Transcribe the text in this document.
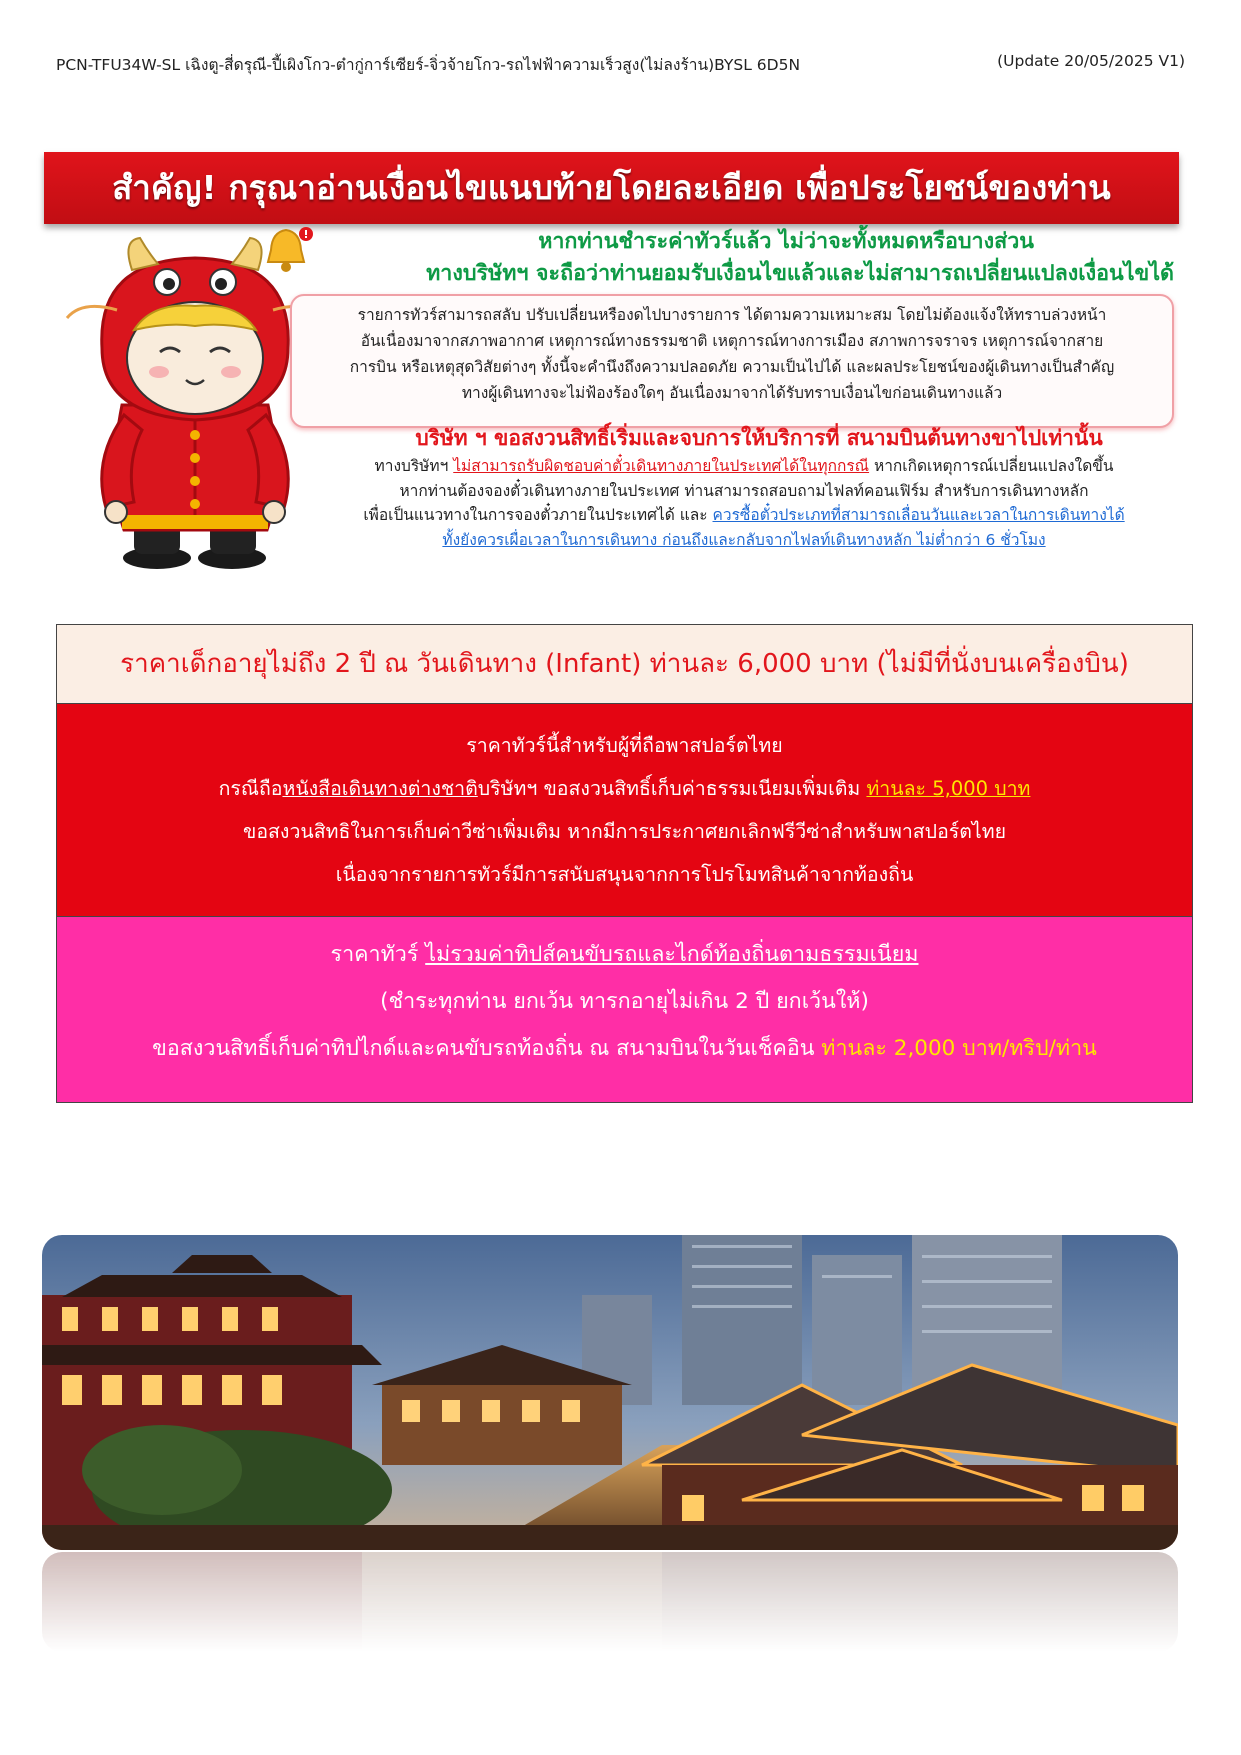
PCN-TFU34W-SL เฉิงตู-สี่ดรุณี-ปี้เผิงโกว-ต๋ากู่การ์เซียร์-จิ่วจ้ายโกว-รถไฟฟ้าความเร็วสูง(ไม่ลงร้าน)BYSL 6D5N	(Update 20/05/2025 V1)
สำคัญ! กรุณาอ่านเงื่อนไขแนบท้ายโดยละเอียด เพื่อประโยชน์ของท่าน
หากท่านชำระค่าทัวร์แล้ว ไม่ว่าจะทั้งหมดหรือบางส่วน
ทางบริษัทฯ จะถือว่าท่านยอมรับเงื่อนไขแล้วและไม่สามารถเปลี่ยนแปลงเงื่อนไขได้
รายการทัวร์สามารถสลับ ปรับเปลี่ยนหรืองดไปบางรายการ ได้ตามความเหมาะสม โดยไม่ต้องแจ้งให้ทราบล่วงหน้า
อันเนื่องมาจากสภาพอากาศ เหตุการณ์ทางธรรมชาติ เหตุการณ์ทางการเมือง สภาพการจราจร เหตุการณ์จากสาย
การบิน หรือเหตุสุดวิสัยต่างๆ ทั้งนี้จะคำนึงถึงความปลอดภัย ความเป็นไปได้ และผลประโยชน์ของผู้เดินทางเป็นสำคัญ
ทางผู้เดินทางจะไม่ฟ้องร้องใดๆ อันเนื่องมาจากได้รับทราบเงื่อนไขก่อนเดินทางแล้ว
บริษัท ฯ ขอสงวนสิทธิ์เริ่มและจบการให้บริการที่ สนามบินต้นทางขาไปเท่านั้น
ทางบริษัทฯ ไม่สามารถรับผิดชอบค่าตั๋วเดินทางภายในประเทศได้ในทุกกรณี หากเกิดเหตุการณ์เปลี่ยนแปลงใดขึ้น
หากท่านต้องจองตั๋วเดินทางภายในประเทศ ท่านสามารถสอบถามไฟลท์คอนเฟิร์ม สำหรับการเดินทางหลัก
เพื่อเป็นแนวทางในการจองตั๋วภายในประเทศได้ และ ควรซื้อตั๋วประเภทที่สามารถเลื่อนวันและเวลาในการเดินทางได้
ทั้งยังควรเผื่อเวลาในการเดินทาง ก่อนถึงและกลับจากไฟลท์เดินทางหลัก ไม่ต่ำกว่า 6 ชั่วโมง
ราคาเด็กอายุไม่ถึง 2 ปี ณ วันเดินทาง (Infant) ท่านละ 6,000 บาท (ไม่มีที่นั่งบนเครื่องบิน)
ราคาทัวร์นี้สำหรับผู้ที่ถือพาสปอร์ตไทย
กรณีถือหนังสือเดินทางต่างชาติบริษัทฯ ขอสงวนสิทธิ์เก็บค่าธรรมเนียมเพิ่มเติม ท่านละ 5,000 บาท
ขอสงวนสิทธิในการเก็บค่าวีซ่าเพิ่มเติม หากมีการประกาศยกเลิกฟรีวีซ่าสำหรับพาสปอร์ตไทย
เนื่องจากรายการทัวร์มีการสนับสนุนจากการโปรโมทสินค้าจากท้องถิ่น
ราคาทัวร์ ไม่รวมค่าทิปส์คนขับรถและไกด์ท้องถิ่นตามธรรมเนียม
(ชำระทุกท่าน ยกเว้น ทารกอายุไม่เกิน 2 ปี ยกเว้นให้)
ขอสงวนสิทธิ์เก็บค่าทิปไกด์และคนขับรถท้องถิ่น ณ สนามบินในวันเช็คอิน ท่านละ 2,000 บาท/ทริป/ท่าน
